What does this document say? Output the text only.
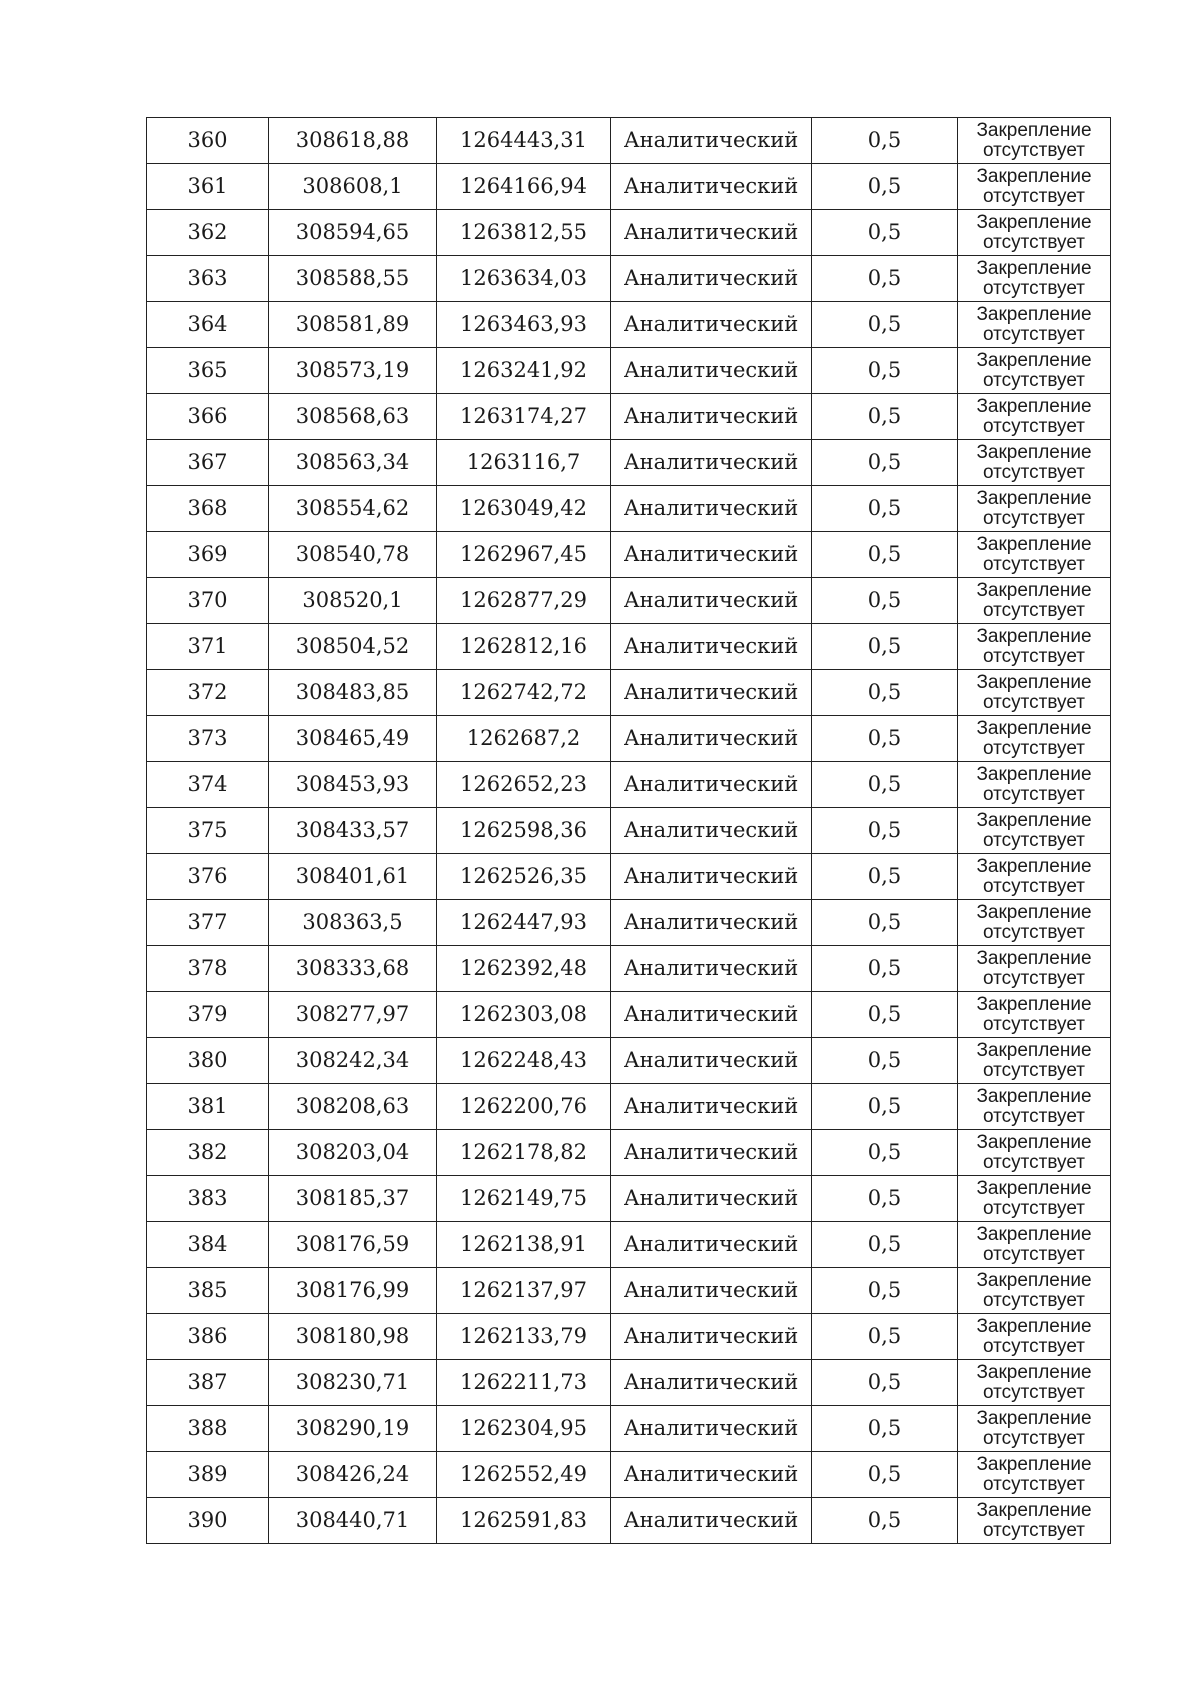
360	308618,88	1264443,31	Аналитический	0,5	Закрепление
отсутствует

361	308608,1	1264166,94	Аналитический	0,5	Закрепление
отсутствует

362	308594,65	1263812,55	Аналитический	0,5	Закрепление
отсутствует

363	308588,55	1263634,03	Аналитический	0,5	Закрепление
отсутствует

364	308581,89	1263463,93	Аналитический	0,5	Закрепление
отсутствует

365	308573,19	1263241,92	Аналитический	0,5	Закрепление
отсутствует

366	308568,63	1263174,27	Аналитический	0,5	Закрепление
отсутствует

367	308563,34	1263116,7	Аналитический	0,5	Закрепление
отсутствует

368	308554,62	1263049,42	Аналитический	0,5	Закрепление
отсутствует

369	308540,78	1262967,45	Аналитический	0,5	Закрепление
отсутствует

370	308520,1	1262877,29	Аналитический	0,5	Закрепление
отсутствует

371	308504,52	1262812,16	Аналитический	0,5	Закрепление
отсутствует

372	308483,85	1262742,72	Аналитический	0,5	Закрепление
отсутствует

373	308465,49	1262687,2	Аналитический	0,5	Закрепление
отсутствует

374	308453,93	1262652,23	Аналитический	0,5	Закрепление
отсутствует

375	308433,57	1262598,36	Аналитический	0,5	Закрепление
отсутствует

376	308401,61	1262526,35	Аналитический	0,5	Закрепление
отсутствует

377	308363,5	1262447,93	Аналитический	0,5	Закрепление
отсутствует

378	308333,68	1262392,48	Аналитический	0,5	Закрепление
отсутствует

379	308277,97	1262303,08	Аналитический	0,5	Закрепление
отсутствует

380	308242,34	1262248,43	Аналитический	0,5	Закрепление
отсутствует

381	308208,63	1262200,76	Аналитический	0,5	Закрепление
отсутствует

382	308203,04	1262178,82	Аналитический	0,5	Закрепление
отсутствует

383	308185,37	1262149,75	Аналитический	0,5	Закрепление
отсутствует

384	308176,59	1262138,91	Аналитический	0,5	Закрепление
отсутствует

385	308176,99	1262137,97	Аналитический	0,5	Закрепление
отсутствует

386	308180,98	1262133,79	Аналитический	0,5	Закрепление
отсутствует

387	308230,71	1262211,73	Аналитический	0,5	Закрепление
отсутствует

388	308290,19	1262304,95	Аналитический	0,5	Закрепление
отсутствует

389	308426,24	1262552,49	Аналитический	0,5	Закрепление
отсутствует

390	308440,71	1262591,83	Аналитический	0,5	Закрепление
отсутствует
